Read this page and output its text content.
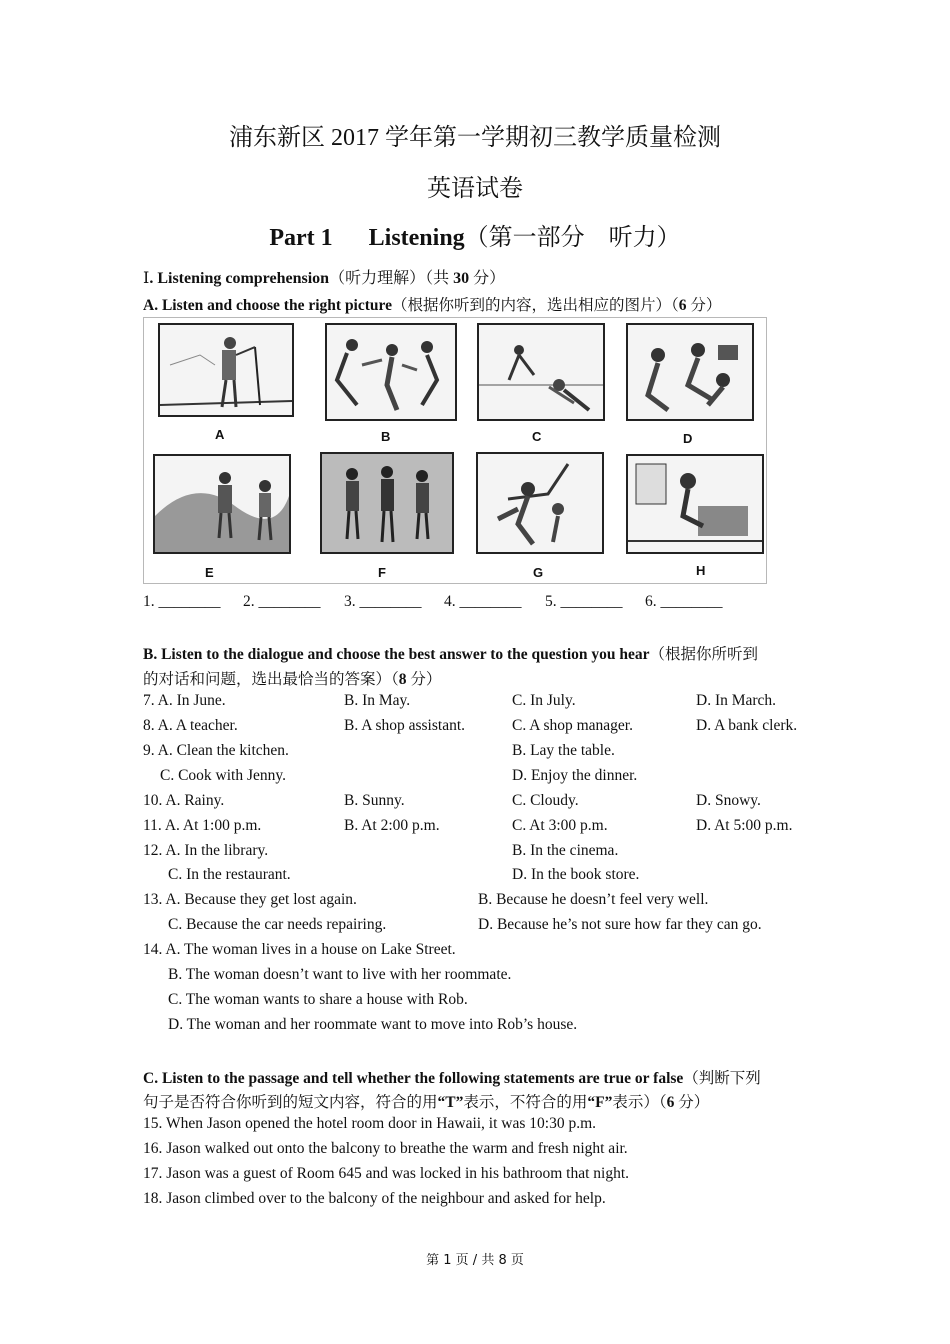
浦东新区 2017 学年第一学期初三教学质量检测
英语试卷
Part 1 Listening（第一部分　听力）
Ⅰ. Listening comprehension（听力理解）（共 30 分）
A. Listen and choose the right picture（根据你听到的内容，选出相应的图片）（6 分）
A	B	C	D
E	F	G	H
1. ________ 2. ________ 3. ________ 4. ________ 5. ________ 6. ________
B. Listen to the dialogue and choose the best answer to the question you hear（根据你所听到
的对话和问题，选出最恰当的答案）（8 分）
7. A. In June.	B. In May.	C. In July.	D. In March.
8. A. A teacher.	B. A shop assistant.	C. A shop manager.	D. A bank clerk.
9. A. Clean the kitchen.	B. Lay the table.
C. Cook with Jenny.	D. Enjoy the dinner.
10. A. Rainy.	B. Sunny.	C. Cloudy.	D. Snowy.
11. A. At 1:00 p.m.	B. At 2:00 p.m.	C. At 3:00 p.m.	D. At 5:00 p.m.
12. A. In the library.	B. In the cinema.
C. In the restaurant.	D. In the book store.
13. A. Because they get lost again.	B. Because he doesn’t feel very well.
C. Because the car needs repairing.	D. Because he’s not sure how far they can go.
14. A. The woman lives in a house on Lake Street.
B. The woman doesn’t want to live with her roommate.
C. The woman wants to share a house with Rob.
D. The woman and her roommate want to move into Rob’s house.
C. Listen to the passage and tell whether the following statements are true or false（判断下列
句子是否符合你听到的短文内容，符合的用“T”表示，不符合的用“F”表示）（6 分）
15. When Jason opened the hotel room door in Hawaii, it was 10:30 p.m.
16. Jason walked out onto the balcony to breathe the warm and fresh night air.
17. Jason was a guest of Room 645 and was locked in his bathroom that night.
18. Jason climbed over to the balcony of the neighbour and asked for help.
第 1 页 / 共 8 页
